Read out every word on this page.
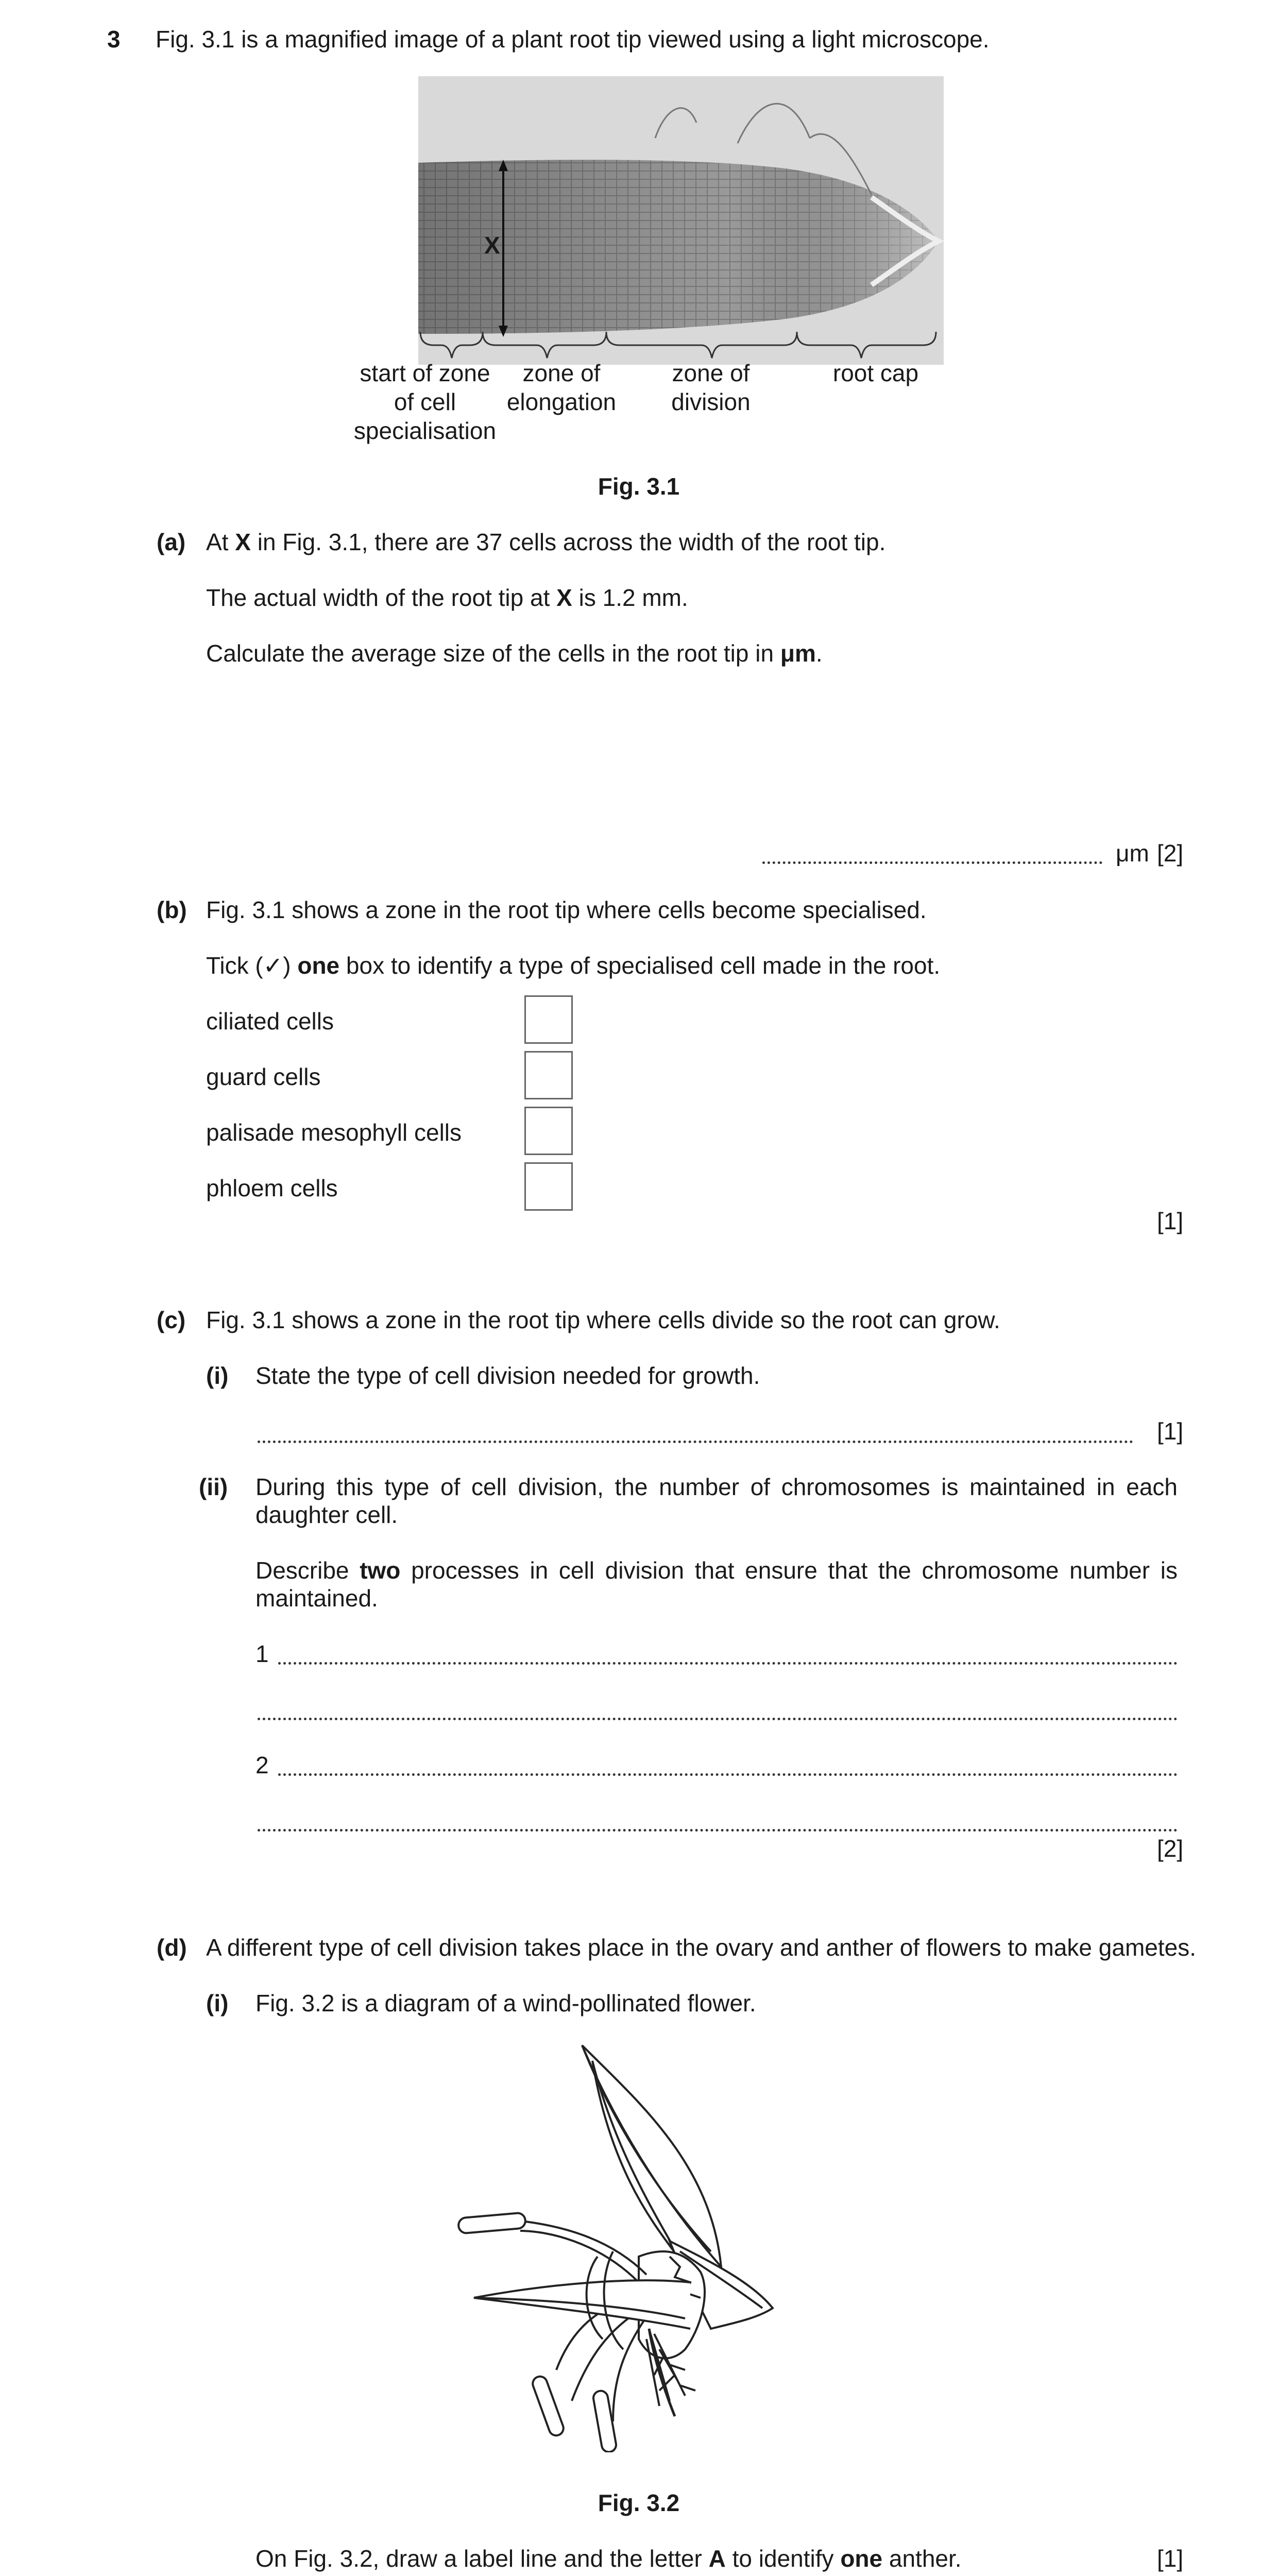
3 Fig. 3.1 is a magnified image of a plant root tip viewed using a light microscope.
X
start of zone of cell specialisation
zone of elongation
zone of division
root cap
Fig. 3.1
(a) At X in Fig. 3.1, there are 37 cells across the width of the root tip.
The actual width of the root tip at X is 1.2 mm.
Calculate the average size of the cells in the root tip in μm.
μm [2]
(b) Fig. 3.1 shows a zone in the root tip where cells become specialised.
Tick (✓) one box to identify a type of specialised cell made in the root.
ciliated cells
guard cells
palisade mesophyll cells
phloem cells
[1]
(c) Fig. 3.1 shows a zone in the root tip where cells divide so the root can grow.
(i) State the type of cell division needed for growth.
[1]
(ii) During this type of cell division, the number of chromosomes is maintained in each
daughter cell.
Describe two processes in cell division that ensure that the chromosome number is
maintained.
1
2
[2]
(d) A different type of cell division takes place in the ovary and anther of flowers to make gametes.
(i) Fig. 3.2 is a diagram of a wind-pollinated flower.
Fig. 3.2
On Fig. 3.2, draw a label line and the letter A to identify one anther.	[1]
